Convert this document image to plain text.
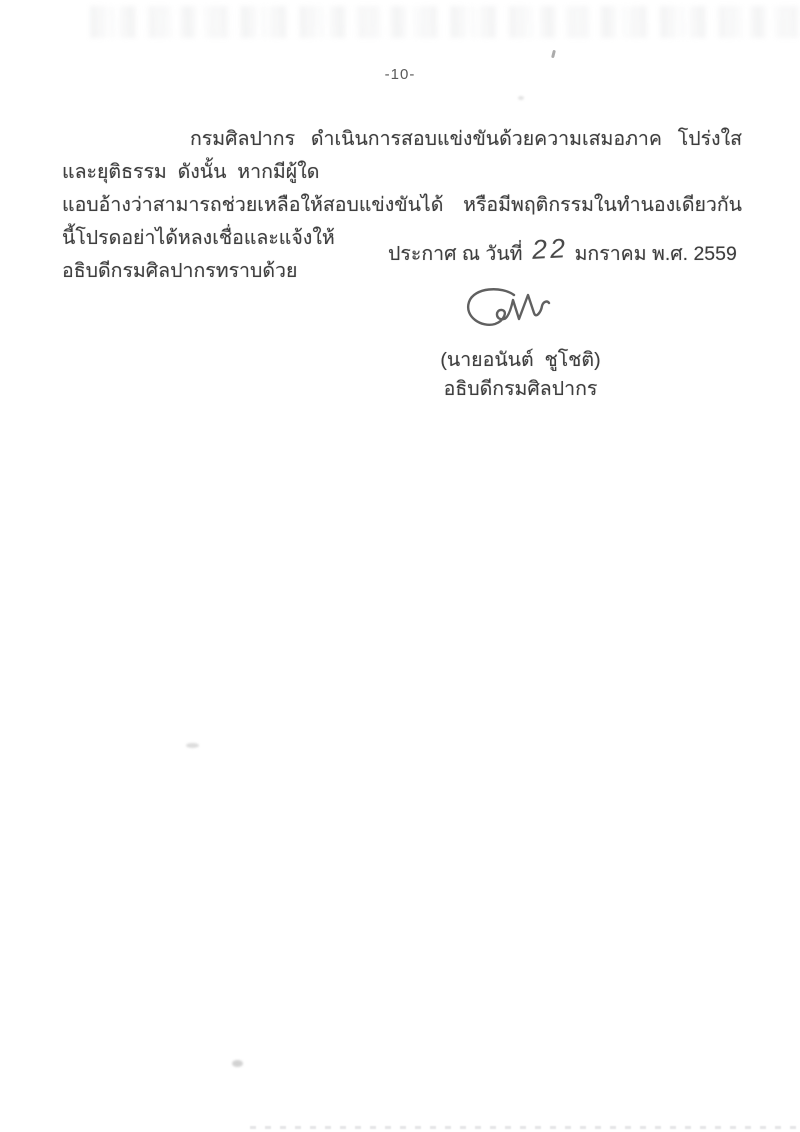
-10-
กรมศิลปากร  ดำเนินการสอบแข่งขันด้วยความเสมอภาค  โปร่งใส  และยุติธรรม  ดังนั้น  หากมีผู้ใด
แอบอ้างว่าสามารถช่วยเหลือให้สอบแข่งขันได้  หรือมีพฤติกรรมในทำนองเดียวกันนี้โปรดอย่าได้หลงเชื่อและแจ้งให้
อธิบดีกรมศิลปากรทราบด้วย
ประกาศ ณ วันที่ 22 มกราคม พ.ศ. 2559
(นายอนันต์  ชูโชติ)
อธิบดีกรมศิลปากร
